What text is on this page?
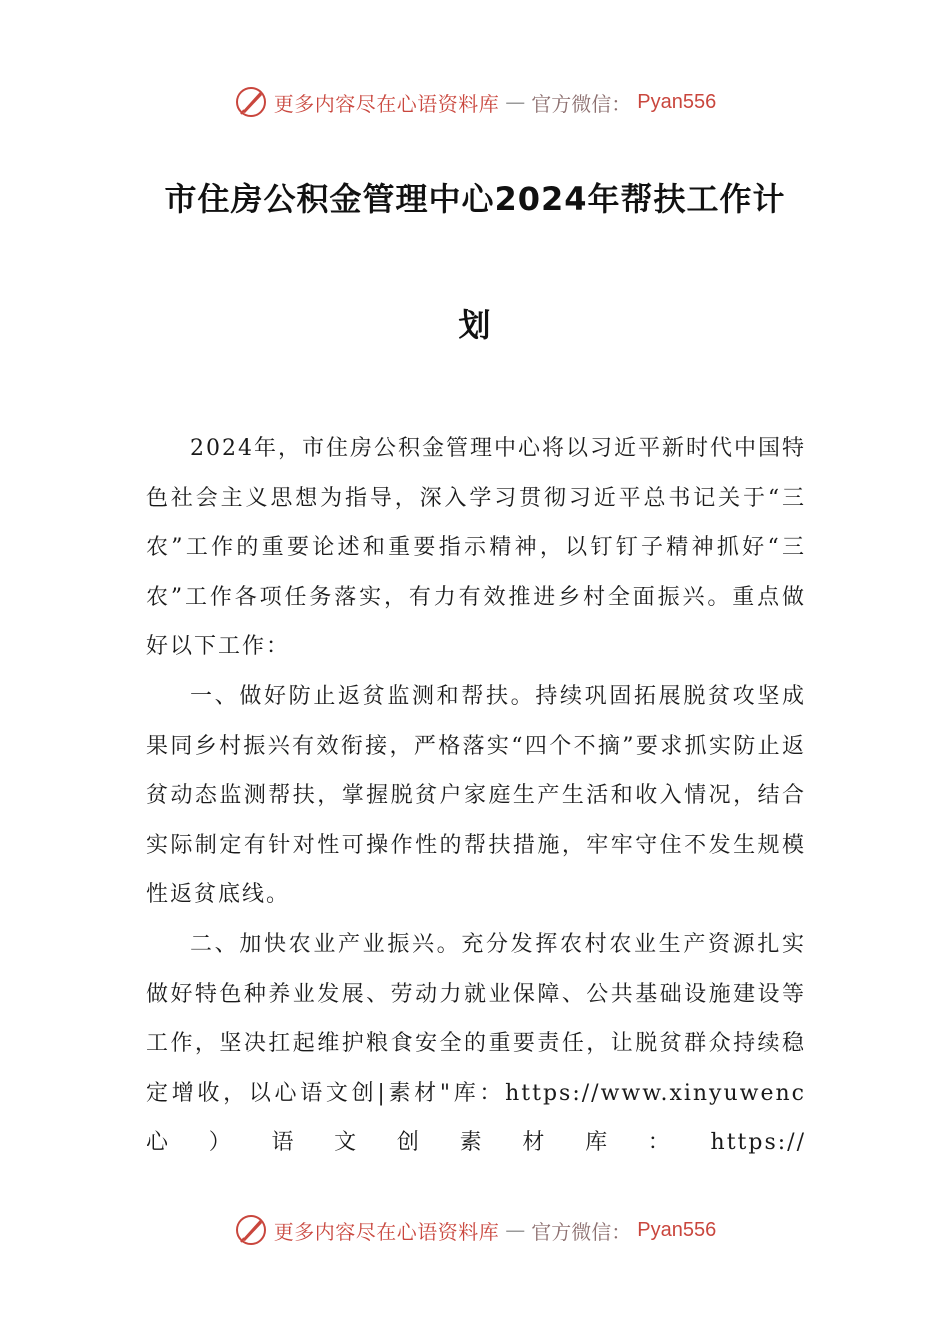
更多内容尽在心语资料库 — 官方微信： Pyan556
市住房公积金管理中心2024年帮扶工作计
划

2024年，市住房公积金管理中心将以习近平新时代中国特色社会主义思想为指导，深入学习贯彻习近平总书记关于“三农”工作的重要论述和重要指示精神，以钉钉子精神抓好“三农”工作各项任务落实，有力有效推进乡村全面振兴。重点做好以下工作：

一、做好防止返贫监测和帮扶。持续巩固拓展脱贫攻坚成果同乡村振兴有效衔接，严格落实“四个不摘”要求抓实防止返贫动态监测帮扶，掌握脱贫户家庭生产生活和收入情况，结合实际制定有针对性可操作性的帮扶措施，牢牢守住不发生规模性返贫底线。

二、加快农业产业振兴。充分发挥农村农业生产资源扎实做好特色种养业发展、劳动力就业保障、公共基础设施建设等工作，坚决扛起维护粮食安全的重要责任，让脱贫群众持续稳定增收，以心语文创|素材"库：https://www.xinyuwenc 心 ） 语 文 创 素 材 库 ： https://

更多内容尽在心语资料库 — 官方微信： Pyan556
